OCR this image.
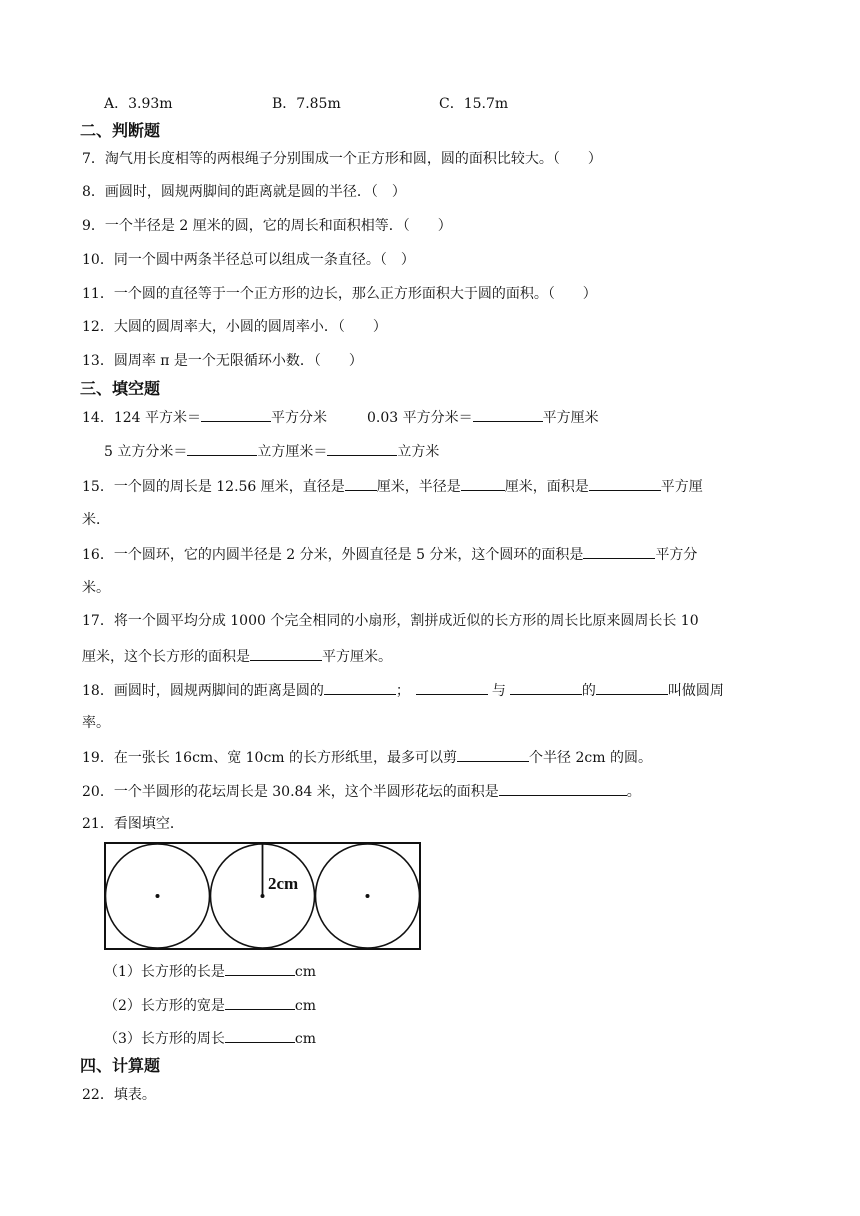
A．3.93m	B．7.85m	C．15.7m
二、判断题
7．淘气用长度相等的两根绳子分别围成一个正方形和圆，圆的面积比较大。（　　）
8．画圆时，圆规两脚间的距离就是圆的半径．（　）
9．一个半径是 2 厘米的圆，它的周长和面积相等．（　　）
10．同一个圆中两条半径总可以组成一条直径。（　）
11．一个圆的直径等于一个正方形的边长，那么正方形面积大于圆的面积。（　　）
12．大圆的圆周率大，小圆的圆周率小．（　　）
13．圆周率 π 是一个无限循环小数．（　　）
三、填空题
14．124 平方米＝	平方分米	0.03 平方分米＝	平方厘米
5 立方分米＝	立方厘米＝	立方米
15．一个圆的周长是 12.56 厘米，直径是 厘米，半径是	厘米，面积是	平方厘
米．
16．一个圆环，它的内圆半径是 2 分米，外圆直径是 5 分米，这个圆环的面积是	平方分
米。
17．将一个圆平均分成 1000 个完全相同的小扇形，割拼成近似的长方形的周长比原来圆周长长 10
厘米，这个长方形的面积是	平方厘米。
18．画圆时，圆规两脚间的距离是圆的	；	与	的	叫做圆周
率。
19．在一张长 16cm、宽 10cm 的长方形纸里，最多可以剪	个半径 2cm 的圆。
20．一个半圆形的花坛周长是 30.84 米，这个半圆形花坛的面积是	。
21．看图填空．
2cm
（1）长方形的长是	cm
（2）长方形的宽是	cm
（3）长方形的周长	cm
四、计算题
22．填表。
